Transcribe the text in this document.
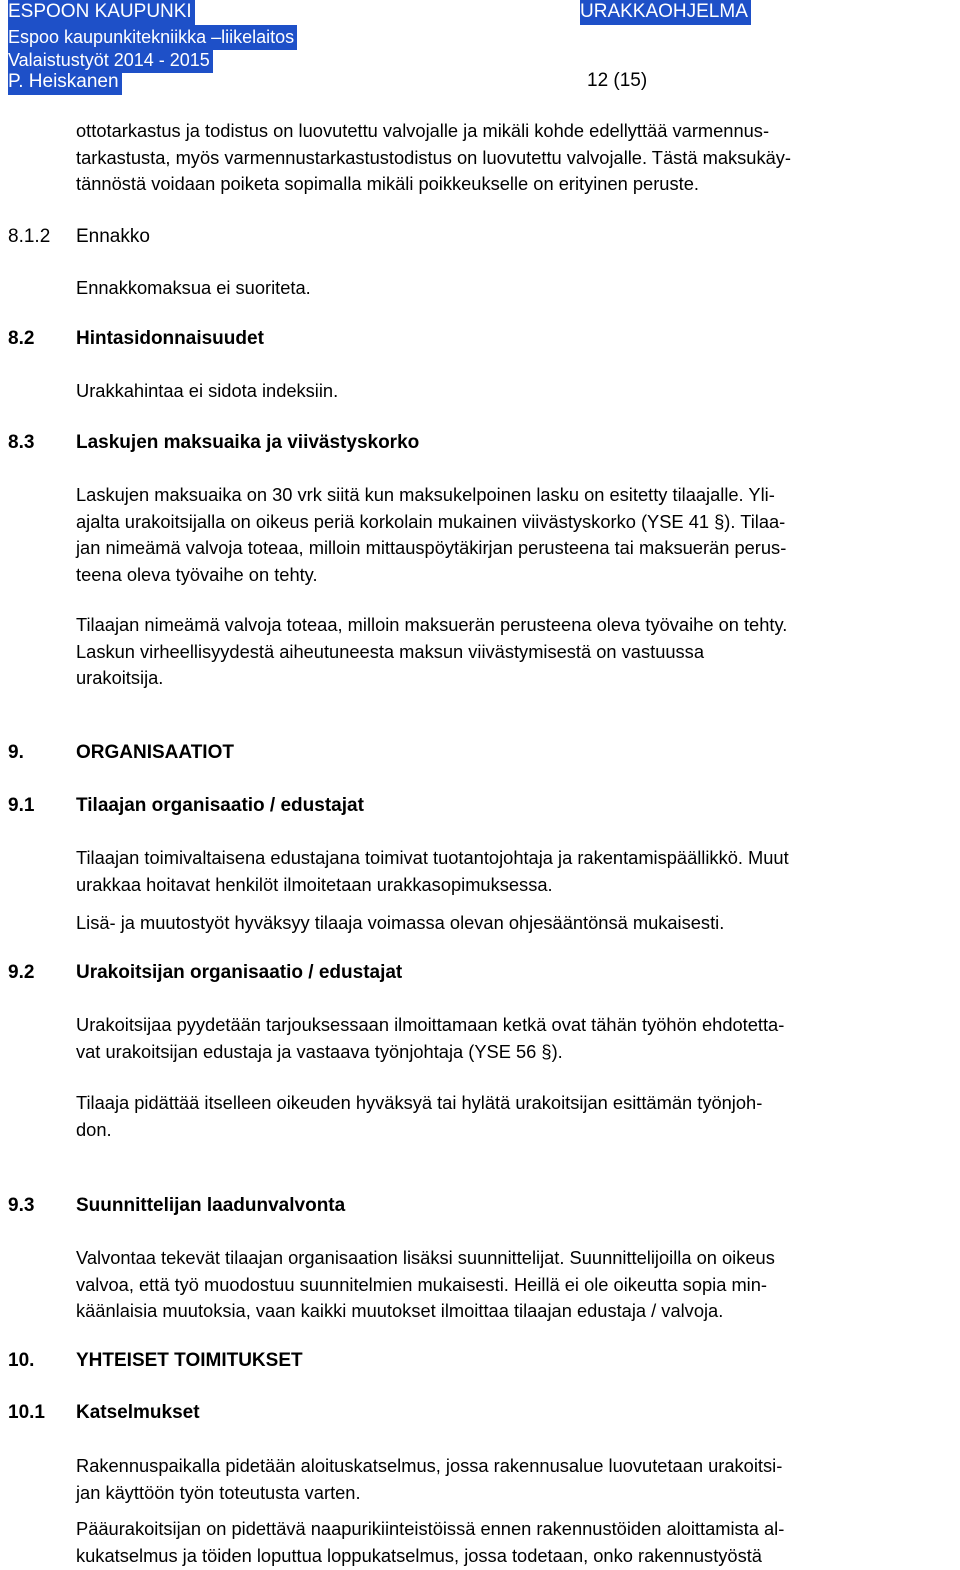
ESPOON KAUPUNKI
Espoo kaupunkitekniikka –liikelaitos
Valaistustyöt 2014 - 2015
P. Heiskanen
URAKKAOHJELMA
12 (15)
ottotarkastus ja todistus on luovutettu valvojalle ja mikäli kohde edellyttää varmennus-
tarkastusta, myös varmennustarkastustodistus on luovutettu valvojalle. Tästä maksukäy-
tännöstä voidaan poiketa sopimalla mikäli poikkeukselle on erityinen peruste.
8.1.2 Ennakko
Ennakkomaksua ei suoriteta.
8.2 Hintasidonnaisuudet
Urakkahintaa ei sidota indeksiin.
8.3 Laskujen maksuaika ja viivästyskorko
Laskujen maksuaika on 30 vrk siitä kun maksukelpoinen lasku on esitetty tilaajalle. Yli-
ajalta urakoitsijalla on oikeus periä korkolain mukainen viivästyskorko (YSE 41 §). Tilaa-
jan nimeämä valvoja toteaa, milloin mittauspöytäkirjan perusteena tai maksuerän perus-
teena oleva työvaihe on tehty.
Tilaajan nimeämä valvoja toteaa, milloin maksuerän perusteena oleva työvaihe on tehty.
Laskun virheellisyydestä aiheutuneesta maksun viivästymisestä on vastuussa
urakoitsija.
9.	ORGANISAATIOT
9.1 Tilaajan organisaatio / edustajat
Tilaajan toimivaltaisena edustajana toimivat tuotantojohtaja ja rakentamispäällikkö. Muut
urakkaa hoitavat henkilöt ilmoitetaan urakkasopimuksessa.
Lisä- ja muutostyöt hyväksyy tilaaja voimassa olevan ohjesääntönsä mukaisesti.
9.2 Urakoitsijan organisaatio / edustajat
Urakoitsijaa pyydetään tarjouksessaan ilmoittamaan ketkä ovat tähän työhön ehdotetta-
vat urakoitsijan edustaja ja vastaava työnjohtaja (YSE 56 §).
Tilaaja pidättää itselleen oikeuden hyväksyä tai hylätä urakoitsijan esittämän työnjoh-
don.
9.3 Suunnittelijan laadunvalvonta
Valvontaa tekevät tilaajan organisaation lisäksi suunnittelijat. Suunnittelijoilla on oikeus
valvoa, että työ muodostuu suunnitelmien mukaisesti. Heillä ei ole oikeutta sopia min-
käänlaisia muutoksia, vaan kaikki muutokset ilmoittaa tilaajan edustaja / valvoja.
10. YHTEISET TOIMITUKSET
10.1 Katselmukset
Rakennuspaikalla pidetään aloituskatselmus, jossa rakennusalue luovutetaan urakoitsi-
jan käyttöön työn toteutusta varten.
Pääurakoitsijan on pidettävä naapurikiinteistöissä ennen rakennustöiden aloittamista al-
kukatselmus ja töiden loputtua loppukatselmus, jossa todetaan, onko rakennustyöstä
